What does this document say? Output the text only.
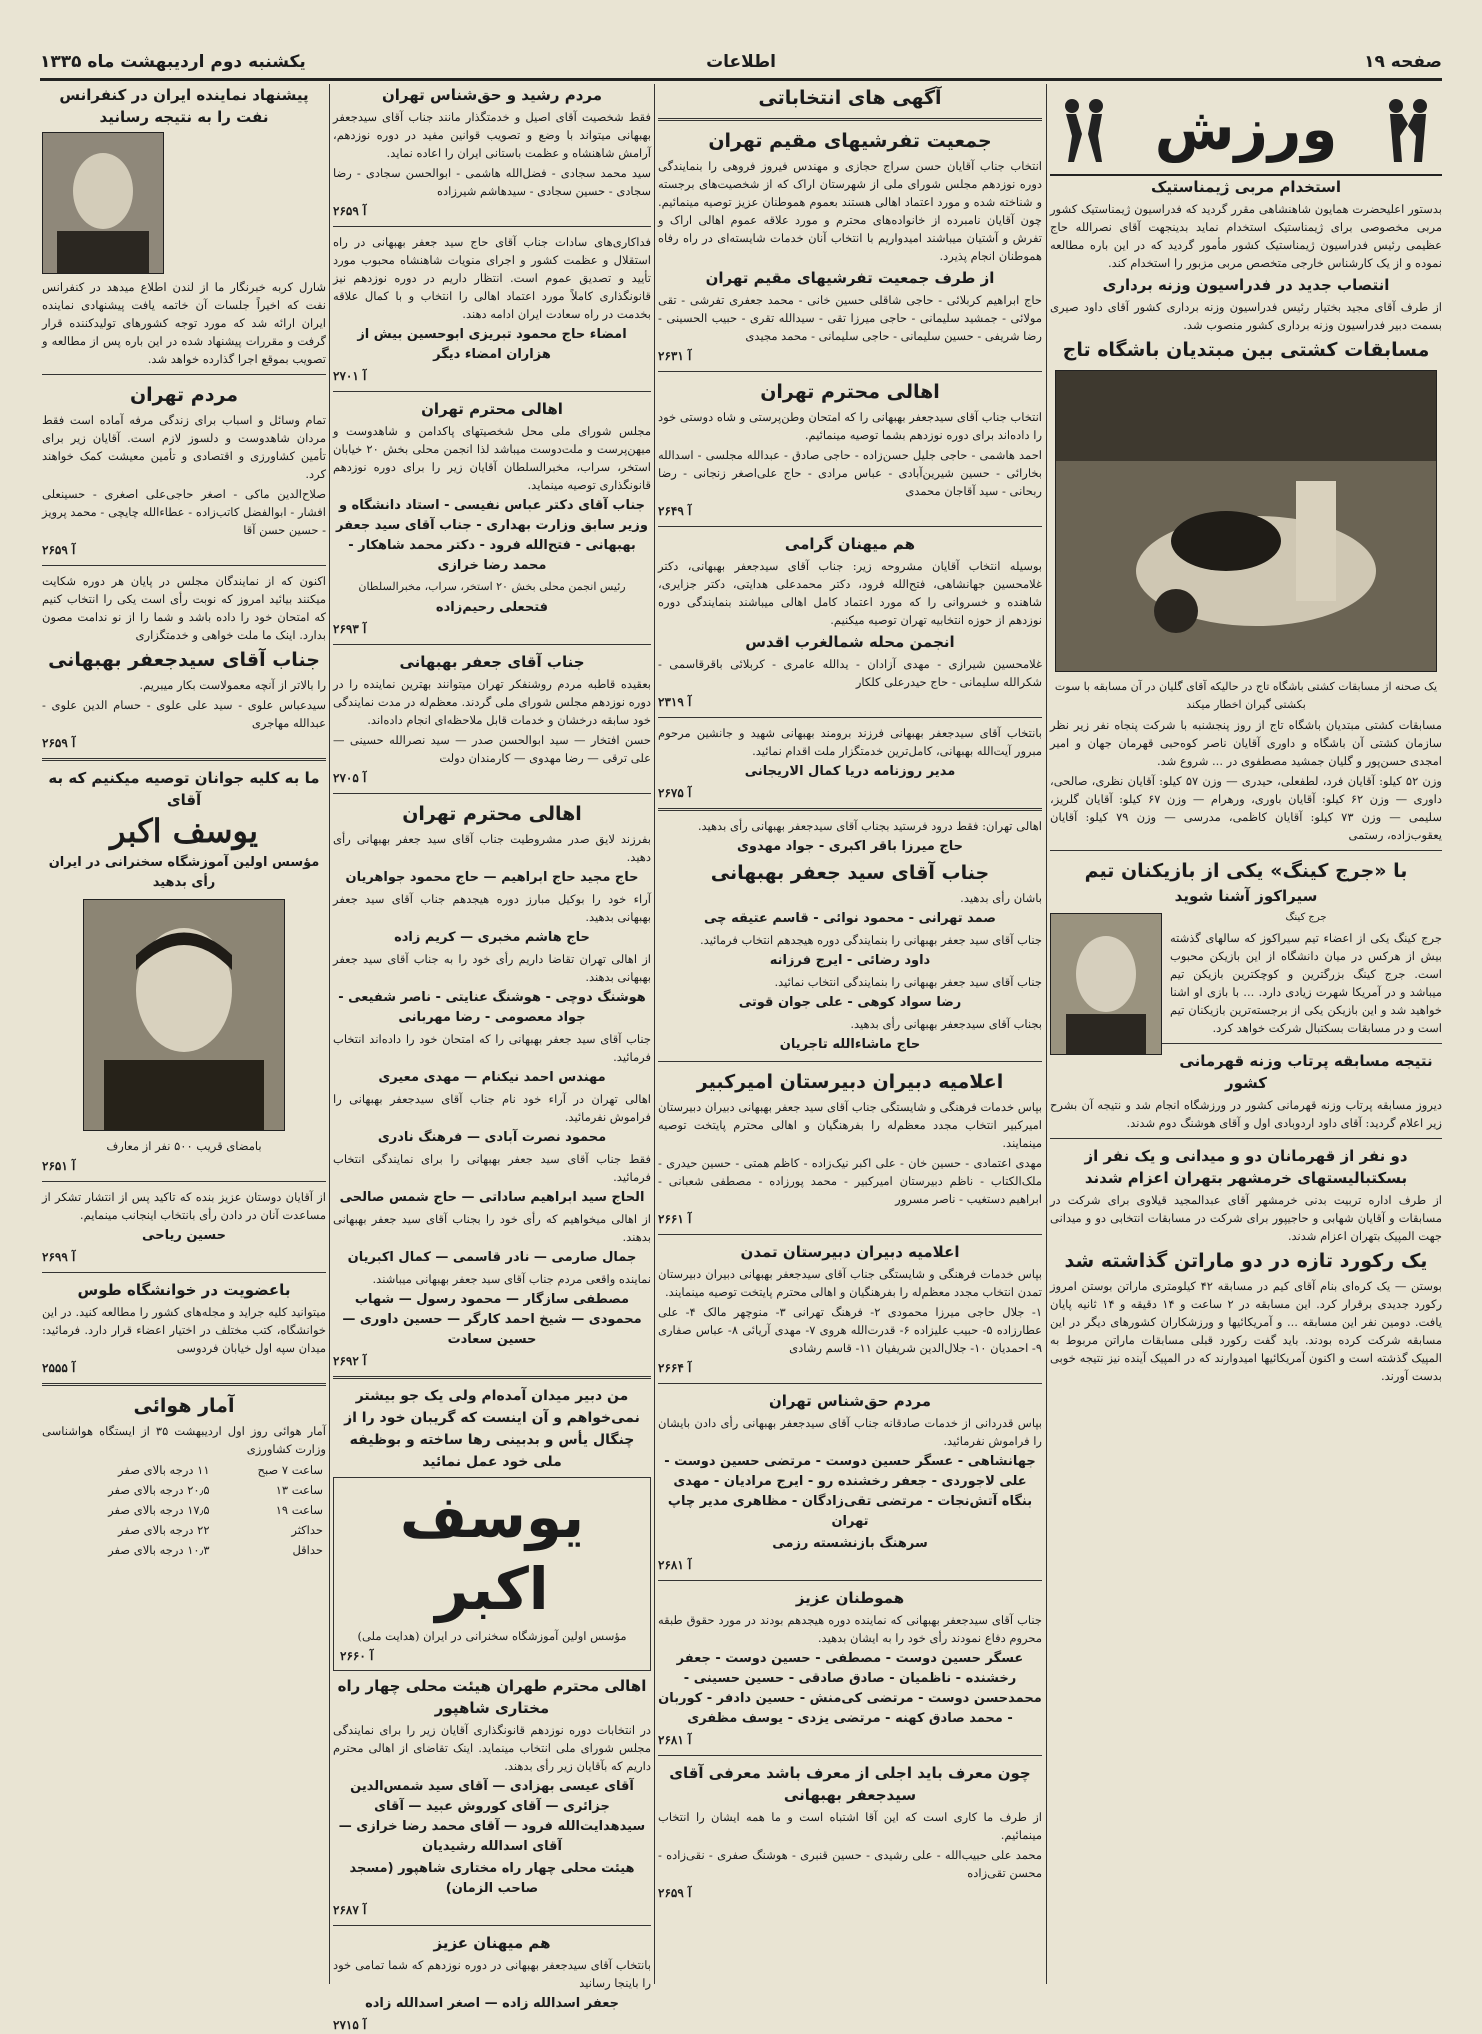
صفحه ۱۹
اطلاعات
یکشنبه دوم اردیبهشت ماه ۱۳۳۵
ورزش
استخدام مربی ژیمناستیک

بدستور اعلیحضرت همایون شاهنشاهی مقرر گردید که فدراسیون ژیمناستیک کشور مربی مخصوصی برای ژیمناستیک استخدام نماید بدینجهت آقای نصرالله حاج عظیمی رئیس فدراسیون ژیمناستیک کشور مأمور گردید که در این باره مطالعه نموده و از یک کارشناس خارجی متخصص مربی مزبور را استخدام کند.

انتصاب جدید در فدراسیون وزنه برداری

از طرف آقای مجید بختیار رئیس فدراسیون وزنه برداری کشور آقای داود صیری بسمت دبیر فدراسیون وزنه برداری کشور منصوب شد.

مسابقات کشتی بین مبتدیان باشگاه تاج

یک صحنه از مسابقات کشتی باشگاه تاج در حالیکه آقای گلیان در آن مسابقه با سوت بکشتی گیران اخطار میکند

مسابقات کشتی مبتدیان باشگاه تاج از روز پنجشنبه با شرکت پنجاه نفر زیر نظر سازمان کشتی آن باشگاه و داوری آقایان ناصر کوه‌حبی قهرمان جهان و امیر امجدی حسن‌پور و گلیان جمشید مصطفوی در ... شروع شد.

وزن ۵۲ کیلو: آقایان فرد، لطفعلی، حیدری — وزن ۵۷ کیلو: آقایان نظری، صالحی، داوری — وزن ۶۲ کیلو: آقایان باوری، ورهرام — وزن ۶۷ کیلو: آقایان گلریز، سلیمی — وزن ۷۳ کیلو: آقایان کاظمی، مدرسی — وزن ۷۹ کیلو: آقایان یعقوب‌زاده، رستمی

با «جرج کینگ» یکی از بازیکنان تیم
سیراکوز آشنا شوید

جرج کینگ

جرج کینگ یکی از اعضاء تیم سیراکوز که سالهای گذشته بیش از هرکس در میان دانشگاه از این بازیکن محبوب است. جرج کینگ بزرگترین و کوچکترین بازیکن تیم میباشد و در آمریکا شهرت زیادی دارد. ... با بازی او اشنا خواهید شد و این بازیکن یکی از برجسته‌ترین بازیکنان تیم است و در مسابقات بسکتبال شرکت خواهد کرد.

نتیجه مسابقه پرتاب وزنه قهرمانی کشور

دیروز مسابقه پرتاب وزنه قهرمانی کشور در ورزشگاه انجام شد و نتیجه آن بشرح زیر اعلام گردید: آقای داود اردوبادی اول و آقای هوشنگ دوم شدند.

دو نفر از قهرمانان دو و میدانی و یک نفر از بسکتبالیستهای خرمشهر بتهران اعزام شدند

از طرف اداره تربیت بدنی خرمشهر آقای عبدالمجید قیلاوی برای شرکت در مسابقات و آقایان شهابی و حاجیپور برای شرکت در مسابقات انتخابی دو و میدانی جهت المپیک بتهران اعزام شدند.

یک رکورد تازه در دو ماراتن گذاشته شد

بوستن — یک کره‌ای بنام آقای کیم در مسابقه ۴۲ کیلومتری ماراتن بوستن امروز رکورد جدیدی برقرار کرد. این مسابقه در ۲ ساعت و ۱۴ دقیقه و ۱۴ ثانیه پایان یافت. دومین نفر این مسابقه ... و آمریکائیها و ورزشکاران کشورهای دیگر در این مسابقه شرکت کرده بودند. باید گفت رکورد قبلی مسابقات ماراتن مربوط به المپیک گذشته است و اکنون آمریکائیها امیدوارند که در المپیک آینده نیز نتیجه خوبی بدست آورند.

آگهی های انتخاباتی
جمعیت تفرشیهای مقیم تهران

انتخاب جناب آقایان حسن سراج حجازی و مهندس فیروز فروهی را بنمایندگی دوره نوزدهم مجلس شورای ملی از شهرستان اراک که از شخصیت‌های برجسته و شناخته شده و مورد اعتماد اهالی هستند بعموم هموطنان عزیز توصیه مینمائیم. چون آقایان نامبرده از خانواده‌های محترم و مورد علاقه عموم اهالی اراک و تفرش و آشتیان میباشند امیدواریم با انتخاب آنان خدمات شایسته‌ای در راه رفاه هموطنان انجام پذیرد.

از طرف جمعیت تفرشیهای مقیم تهران

حاج ابراهیم کربلائی - حاجی شاقلی حسین خانی - محمد جعفری تفرشی - تقی مولائی - جمشید سلیمانی - حاجی میرزا تقی - سیدالله تقری - حبیب الحسینی - رضا شریفی - حسین سلیمانی - حاجی سلیمانی - محمد مجیدی

آ ۲۶۳۱

اهالی محترم تهران

انتخاب جناب آقای سیدجعفر بهبهانی را که امتحان وطن‌پرستی و شاه دوستی خود را داده‌اند برای دوره نوزدهم بشما توصیه مینمائیم.

احمد هاشمی - حاجی جلیل حسن‌زاده - حاجی صادق - عبدالله مجلسی - اسدالله بخارائی - حسین شیرین‌آبادی - عباس مرادی - حاج علی‌اصغر زنجانی - رضا ربحانی - سید آقاجان محمدی

آ ۲۶۴۹

هم میهنان گرامی

بوسیله انتخاب آقایان مشروحه زیر: جناب آقای سیدجعفر بهبهانی، دکتر غلامحسین جهانشاهی، فتح‌الله فرود، دکتر محمدعلی هدایتی، دکتر جزایری، شاهنده و خسروانی را که مورد اعتماد کامل اهالی میباشند بنمایندگی دوره نوزدهم از حوزه انتخابیه تهران توصیه میکنیم.

انجمن محله شمالغرب اقدس

غلامحسین شیرازی - مهدی آزادان - یدالله عامری - کربلائی باقرقاسمی - شکرالله سلیمانی - حاج حیدرعلی کلکار

آ ۲۳۱۹

بانتخاب آقای سیدجعفر بهبهانی فرزند برومند بهبهانی شهید و جانشین مرحوم مبرور آیت‌الله بهبهانی، کامل‌ترین خدمتگزار ملت اقدام نمائید.

مدیر روزنامه دریا کمال الاریجانی

آ ۲۶۷۵

اهالی تهران: فقط درود فرستید بجناب آقای سیدجعفر بهبهانی رأی بدهید.

حاج میرزا باقر اکبری - جواد مهدوی

جناب آقای سید جعفر بهبهانی

باشان رأی بدهید.

صمد تهرانی - محمود نوائی - قاسم عتیقه چی

جناب آقای سید جعفر بهبهانی را بنمایندگی دوره هیجدهم انتخاب فرمائید.

داود رضائی - ایرج فرزانه

جناب آقای سید جعفر بهبهانی را بنمایندگی انتخاب نمائید.

رضا سواد کوهی - علی جوان قوتی

بجناب آقای سیدجعفر بهبهانی رأی بدهید.

حاج ماشاءالله تاجریان

اعلامیه دبیران دبیرستان امیرکبیر

بپاس خدمات فرهنگی و شایستگی جناب آقای سید جعفر بهبهانی دبیران دبیرستان امیرکبیر انتخاب مجدد معظم‌له را بفرهنگیان و اهالی محترم پایتخت توصیه مینمایند.

مهدی اعتمادی - حسین خان - علی اکبر نیک‌زاده - کاظم همتی - حسین حیدری - ملک‌الکتاب - ناظم دبیرستان امیرکبیر - محمد پورزاده - مصطفی شعبانی - ابراهیم دستغیب - ناصر مسرور

آ ۲۶۶۱

اعلامیه دبیران دبیرستان تمدن

بپاس خدمات فرهنگی و شایستگی جناب آقای سیدجعفر بهبهانی دبیران دبیرستان تمدن انتخاب مجدد معظم‌له را بفرهنگیان و اهالی محترم پایتخت توصیه مینمایند.

۱- جلال حاجی میرزا محمودی ۲- فرهنگ تهرانی ۳- منوچهر مالک ۴- علی عطارزاده ۵- حبیب علیزاده ۶- قدرت‌الله هروی ۷- مهدی آریائی ۸- عباس صفاری ۹- احمدیان ۱۰- جلال‌الدین شریفیان ۱۱- قاسم رشادی

آ ۲۶۶۴

مردم حق‌شناس تهران

بپاس قدردانی از خدمات صادقانه جناب آقای سیدجعفر بهبهانی رأی دادن بایشان را فراموش نفرمائید.

جهانشاهی - عسگر حسین دوست - مرتضی حسین دوست - علی لاجوردی - جعفر رخشنده رو - ایرج مرادیان - مهدی بنگاه آتش‌نجات - مرتضی تقی‌زادگان - مظاهری مدیر چاپ تهران

سرهنگ بازنشسته رزمی

آ ۲۶۸۱

هموطنان عزیز

جناب آقای سیدجعفر بهبهانی که نماینده دوره هیجدهم بودند در مورد حقوق طبقه محروم دفاع نمودند رأی خود را به ایشان بدهید.

عسگر حسین دوست - مصطفی - حسین دوست - جعفر رخشنده - ناظمیان - صادق صادقی - حسین حسینی - محمدحسن دوست - مرتضی کی‌منش - حسین دادفر - کوربان - محمد صادق کهنه - مرتضی یزدی - یوسف مظفری

آ ۲۶۸۱

چون معرف باید اجلی از معرف باشد معرفی آقای سیدجعفر بهبهانی

از طرف ما کاری است که این آقا اشتباه است و ما همه ایشان را انتخاب مینمائیم.

محمد علی حبیب‌الله - علی رشیدی - حسین قنبری - هوشنگ صفری - نقی‌زاده - محسن تقی‌زاده

آ ۲۶۵۹

مردم رشید و حق‌شناس تهران

فقط شخصیت آقای اصیل و خدمتگذار مانند جناب آقای سیدجعفر بهبهانی میتواند با وضع و تصویب قوانین مفید در دوره نوزدهم، آرامش شاهنشاه و عظمت باستانی ایران را اعاده نماید.

سید محمد سجادی - فضل‌الله هاشمی - ابوالحسن سجادی - رضا سجادی - حسین سجادی - سیدهاشم شیرزاده

آ ۲۶۵۹

فداکاری‌های سادات جناب آقای حاج سید جعفر بهبهانی در راه استقلال و عظمت کشور و اجرای منویات شاهنشاه محبوب مورد تأیید و تصدیق عموم است. انتظار داریم در دوره نوزدهم نیز قانونگذاری کاملاً مورد اعتماد اهالی را انتخاب و با کمال علاقه بخدمت در راه سعادت ایران ادامه دهند.

امضاء حاج محمود تبریزی ابوحسین بیش از هزاران امضاء دیگر

آ ۲۷۰۱

اهالی محترم تهران

مجلس شورای ملی محل شخصیتهای پاکدامن و شاهدوست و میهن‌پرست و ملت‌دوست میباشد لذا انجمن محلی بخش ۲۰ خیابان استخر، سراب، مخبرالسلطان آقایان زیر را برای دوره نوزدهم قانونگذاری توصیه مینماید.

جناب آقای دکتر عباس نفیسی - استاد دانشگاه و وزیر سابق وزارت بهداری - جناب آقای سید جعفر بهبهانی - فتح‌الله فرود - دکتر محمد شاهکار - محمد رضا خرازی

رئیس انجمن محلی بخش ۲۰ استخر، سراب، مخبرالسلطان

فتحعلی رحیم‌زاده

آ ۲۶۹۳

جناب آقای جعفر بهبهانی

بعقیده قاطبه مردم روشنفکر تهران میتوانند بهترین نماینده را در دوره نوزدهم مجلس شورای ملی گردند. معظم‌له در مدت نمایندگی خود سابقه درخشان و خدمات قابل ملاحظه‌ای انجام داده‌اند.

حسن افتخار — سید ابوالحسن صدر — سید نصرالله حسینی — علی ترقی — رضا مهدوی — کارمندان دولت

آ ۲۷۰۵

اهالی محترم تهران

بفرزند لایق صدر مشروطیت جناب آقای سید جعفر بهبهانی رأی دهید.

حاج مجید حاج ابراهیم — حاج محمود جواهریان

آراء خود را بوکیل مبارز دوره هیجدهم جناب آقای سید جعفر بهبهانی بدهید.

حاج هاشم مخبری — کریم زاده

از اهالی تهران تقاضا داریم رأی خود را به جناب آقای سید جعفر بهبهانی بدهند.

هوشنگ دوچی - هوشنگ عنایتی - ناصر شفیعی - جواد معصومی - رضا مهربانی

جناب آقای سید جعفر بهبهانی را که امتحان خود را داده‌اند انتخاب فرمائید.

مهندس احمد نیکنام — مهدی معیری

اهالی تهران در آراء خود نام جناب آقای سیدجعفر بهبهانی را فراموش نفرمائید.

محمود نصرت آبادی — فرهنگ نادری

فقط جناب آقای سید جعفر بهبهانی را برای نمایندگی انتخاب فرمائید.

الحاج سید ابراهیم ساداتی — حاج شمس صالحی

از اهالی میخواهیم که رأی خود را بجناب آقای سید جعفر بهبهانی بدهند.

جمال صارمی — نادر قاسمی — کمال اکبریان

نماینده واقعی مردم جناب آقای سید جعفر بهبهانی میباشند.

مصطفی سازگار — محمود رسول — شهاب محمودی — شیخ احمد کارگر — حسین داوری — حسین سعادت

آ ۲۶۹۲

من دبیر میدان آمده‌ام ولی یک جو بیشتر نمی‌خواهم و آن اینست که گریبان خود را از چنگال یأس و بدبینی رها ساخته و بوظیفه ملی خود عمل نمائید

یوسف اکبر

مؤسس اولین آموزشگاه سخنرانی در ایران (هدایت ملی)

آ ۲۶۶۰

اهالی محترم طهران هیئت محلی چهار راه مختاری شاهپور

در انتخابات دوره نوزدهم قانونگذاری آقایان زیر را برای نمایندگی مجلس شورای ملی انتخاب مینماید. اینک تقاضای از اهالی محترم داریم که بآقایان زیر رأی بدهند.

آقای عیسی بهزادی — آقای سید شمس‌الدین جزائری — آقای کوروش عبید — آقای سیدهدایت‌الله فرود — آقای محمد رضا خرازی — آقای اسدالله رشیدیان

هیئت محلی چهار راه مختاری شاهپور (مسجد صاحب الزمان)

آ ۲۶۸۷

هم میهنان عزیز

بانتخاب آقای سیدجعفر بهبهانی در دوره نوزدهم که شما تمامی خود را باینجا رسانید

جعفر اسدالله زاده — اصغر اسدالله زاده

آ ۲۷۱۵

پیشنهاد نماینده ایران در کنفرانس نفت را به نتیجه رسانید

شارل کربه خبرنگار ما از لندن اطلاع میدهد در کنفرانس نفت که اخیراً جلسات آن خاتمه یافت پیشنهادی نماینده ایران ارائه شد که مورد توجه کشورهای تولیدکننده قرار گرفت و مقررات پیشنهاد شده در این باره پس از مطالعه و تصویب بموقع اجرا گذارده خواهد شد.

مردم تهران

تمام وسائل و اسباب برای زندگی مرفه آماده است فقط مردان شاهدوست و دلسوز لازم است. آقایان زیر برای تأمین کشاورزی و اقتصادی و تأمین معیشت کمک خواهند کرد.

صلاح‌الدین ماکی - اصغر حاجی‌علی اصغری - حسینعلی افشار - ابوالفضل کاتب‌زاده - عطاءالله چایچی - محمد پرویز - حسین حسن آقا

آ ۲۶۵۹

اکنون که از نمایندگان مجلس در پایان هر دوره شکایت میکنند بیائید امروز که نوبت رأی است یکی را انتخاب کنیم که امتحان خود را داده باشد و شما را از نو ندامت مصون بدارد. اینک ما ملت خواهی و خدمتگزاری

جناب آقای سیدجعفر بهبهانی

را بالاتر از آنچه معمولاست بکار میبریم.

سیدعباس علوی - سید علی علوی - حسام الدین علوی - عبدالله مهاجری

آ ۲۶۵۹

ما به کلیه جوانان توصیه میکنیم که به آقای
یوسف اکبر

مؤسس اولین آموزشگاه سخنرانی در ایران رأی بدهید

بامضای قریب ۵۰۰ نفر از معارف

آ ۲۶۵۱

از آقایان دوستان عزیز بنده که تاکید پس از انتشار تشکر از مساعدت آنان در دادن رأی بانتخاب اینجانب مینمایم.

حسین ریاحی

آ ۲۶۹۹

باعضویت در خوانشگاه طوس

میتوانید کلیه جراید و مجله‌های کشور را مطالعه کنید. در این خوانشگاه، کتب مختلف در اختیار اعضاء قرار دارد. فرمائید: میدان سپه اول خیابان فردوسی

آ ۲۵۵۵

آمار هوائی

آمار هوائی روز اول اردیبهشت ۳۵ از ایستگاه هواشناسی وزارت کشاورزی

ساعت ۷ صبح	۱۱ درجه بالای صفر
ساعت ۱۳	۲۰٫۵ درجه بالای صفر
ساعت ۱۹	۱۷٫۵ درجه بالای صفر
حداکثر	۲۲ درجه بالای صفر
حداقل	۱۰٫۳ درجه بالای صفر
